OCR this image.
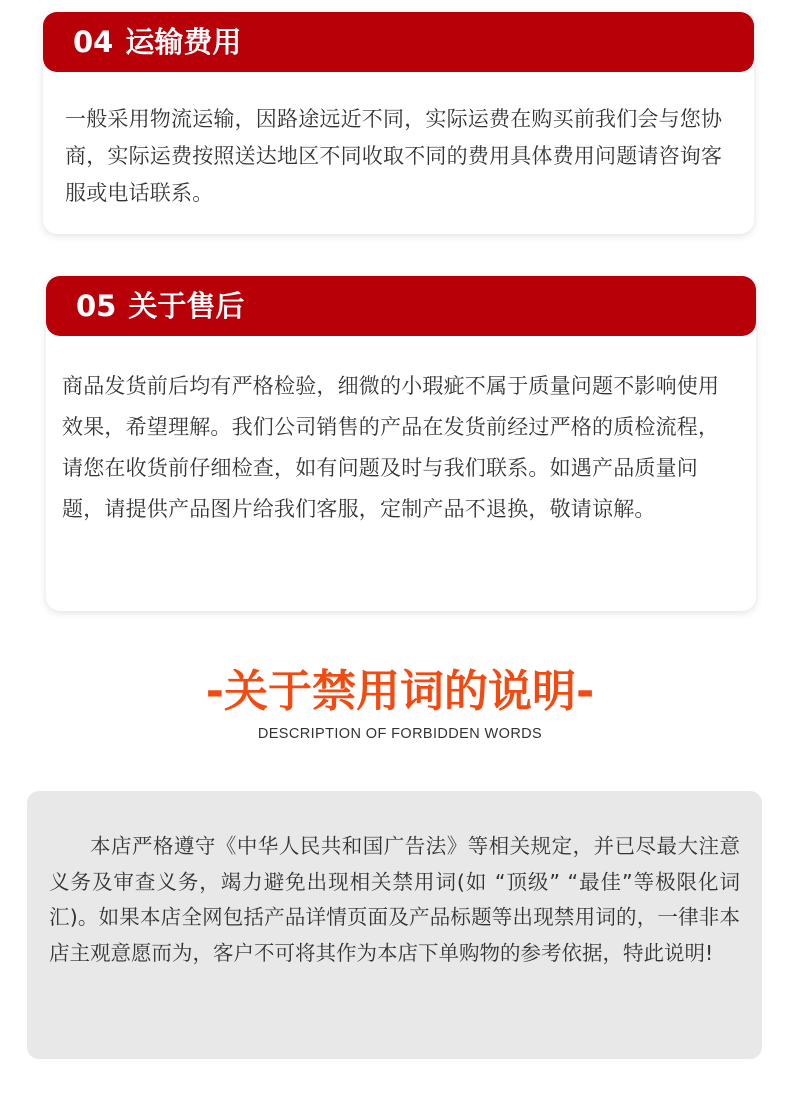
04 运输费用
一般采用物流运输，因路途远近不同，实际运费在购买前我们会与您协商，实际运费按照送达地区不同收取不同的费用具体费用问题请咨询客服或电话联系。
05 关于售后
商品发货前后均有严格检验，细微的小瑕疵不属于质量问题不影响使用效果，希望理解。我们公司销售的产品在发货前经过严格的质检流程，请您在收货前仔细检查，如有问题及时与我们联系。如遇产品质量问题，请提供产品图片给我们客服，定制产品不退换，敬请谅解。
-关于禁用词的说明-
DESCRIPTION OF FORBIDDEN WORDS
本店严格遵守《中华人民共和国广告法》等相关规定，并已尽最大注意义务及审查义务，竭力避免出现相关禁用词(如 “顶级” “最佳”等极限化词汇)。如果本店全网包括产品详情页面及产品标题等出现禁用词的，一律非本店主观意愿而为，客户不可将其作为本店下单购物的参考依据，特此说明!
